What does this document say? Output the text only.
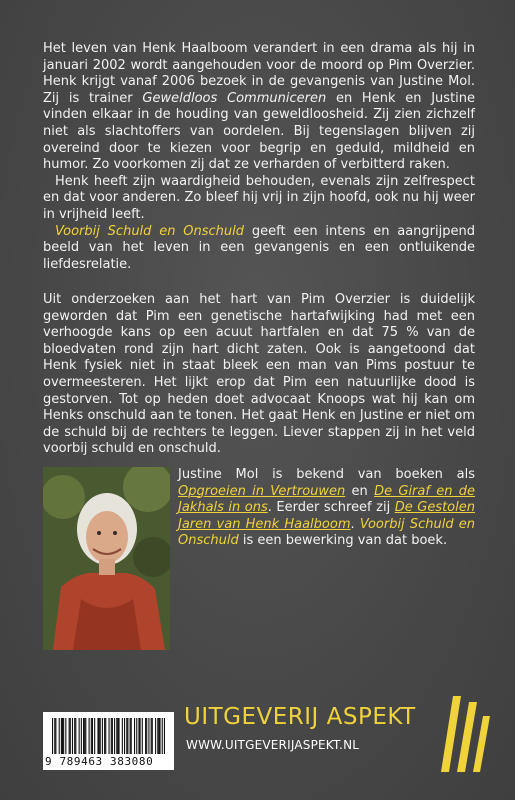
Het leven van Henk Haalboom verandert in een drama als hij in januari 2002 wordt aangehouden voor de moord op Pim Overzier. Henk krijgt vanaf 2006 bezoek in de gevangenis van Justine Mol. Zij is trainer Geweldloos Communiceren en Henk en Justine vinden elkaar in de houding van geweldloosheid. Zij zien zichzelf niet als slachtoffers van oordelen. Bij tegenslagen blijven zij overeind door te kiezen voor begrip en geduld, mildheid en humor. Zo voorkomen zij dat ze verharden of verbitterd raken.

Henk heeft zijn waardigheid behouden, evenals zijn zelfrespect en dat voor anderen. Zo bleef hij vrij in zijn hoofd, ook nu hij weer in vrijheid leeft.

Voorbij Schuld en Onschuld geeft een intens en aangrijpend beeld van het leven in een gevangenis en een ontluikende liefdesrelatie.

Uit onderzoeken aan het hart van Pim Overzier is duidelijk geworden dat Pim een genetische hartafwijking had met een verhoogde kans op een acuut hartfalen en dat 75 % van de bloedvaten rond zijn hart dicht zaten. Ook is aangetoond dat Henk fysiek niet in staat bleek een man van Pims postuur te overmeesteren. Het lijkt erop dat Pim een natuurlijke dood is gestorven. Tot op heden doet advocaat Knoops wat hij kan om Henks onschuld aan te tonen. Het gaat Henk en Justine er niet om de schuld bij de rechters te leggen. Liever stappen zij in het veld voorbij schuld en onschuld.

Justine Mol is bekend van boeken als Opgroeien in Vertrouwen en De Giraf en de Jakhals in ons. Eerder schreef zij De Gestolen Jaren van Henk Haalboom. Voorbij Schuld en Onschuld is een bewerking van dat boek.
9 789463 383080
UITGEVERIJ ASPEKT
WWW.UITGEVERIJASPEKT.NL
